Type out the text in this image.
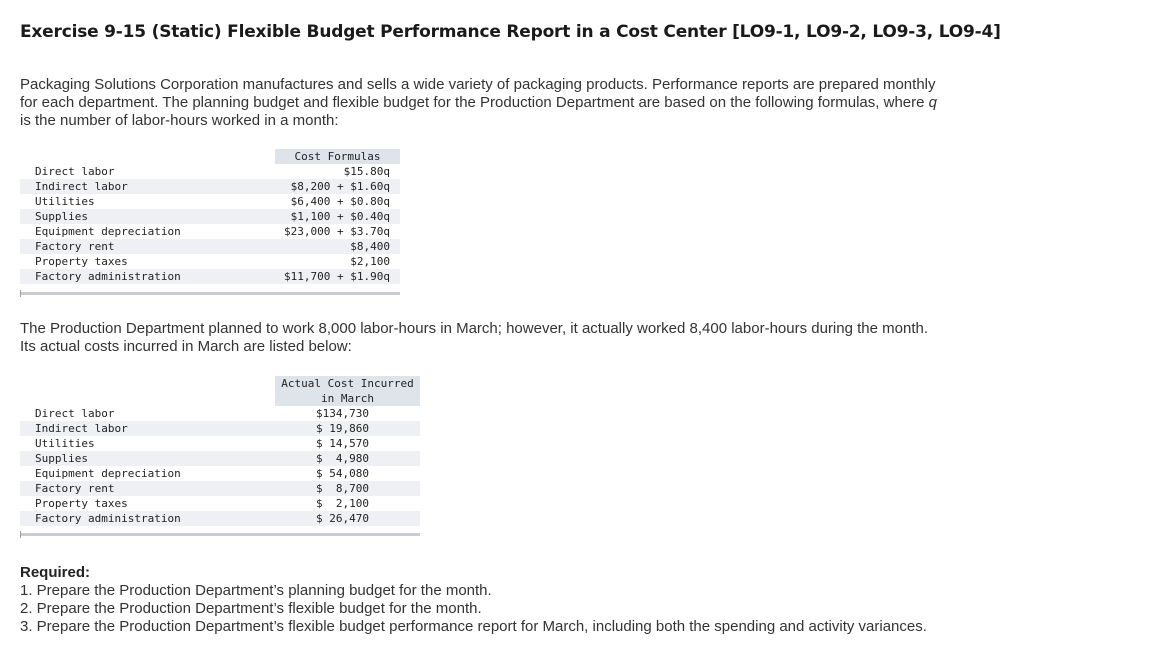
Exercise 9-15 (Static) Flexible Budget Performance Report in a Cost Center [LO9-1, LO9-2, LO9-3, LO9-4]

Packaging Solutions Corporation manufactures and sells a wide variety of packaging products. Performance reports are prepared monthly for each department. The planning budget and flexible budget for the Production Department are based on the following formulas, where q is the number of labor-hours worked in a month:

Cost Formulas
Direct labor	$15.80q
Indirect labor	$8,200 + $1.60q
Utilities	$6,400 + $0.80q
Supplies	$1,100 + $0.40q
Equipment depreciation	$23,000 + $3.70q
Factory rent	$8,400
Property taxes	$2,100
Factory administration	$11,700 + $1.90q

The Production Department planned to work 8,000 labor-hours in March; however, it actually worked 8,400 labor-hours during the month. Its actual costs incurred in March are listed below:

Actual Cost Incurred
in March
Direct labor	$134,730
Indirect labor	$ 19,860
Utilities	$ 14,570
Supplies	$  4,980
Equipment depreciation	$ 54,080
Factory rent	$  8,700
Property taxes	$  2,100
Factory administration	$ 26,470
Required:
1. Prepare the Production Department’s planning budget for the month.
2. Prepare the Production Department’s flexible budget for the month.
3. Prepare the Production Department’s flexible budget performance report for March, including both the spending and activity variances.
